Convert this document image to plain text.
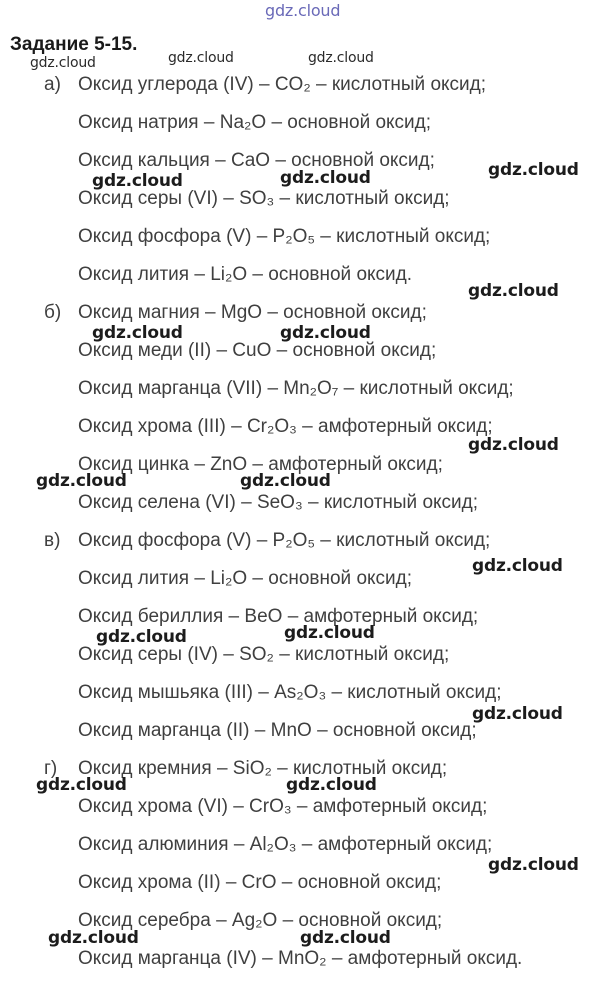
Задание 5-15.
а) Оксид углерода (IV) – CO₂ – кислотный оксид;
Оксид натрия – Na₂O – основной оксид;
Оксид кальция – CaO – основной оксид;
Оксид серы (VI) – SO₃ – кислотный оксид;
Оксид фосфора (V) – P₂O₅ – кислотный оксид;
Оксид лития – Li₂O – основной оксид.
б) Оксид магния – MgO – основной оксид;
Оксид меди (II) – CuO – основной оксид;
Оксид марганца (VII) – Mn₂O₇ – кислотный оксид;
Оксид хрома (III) – Cr₂O₃ – амфотерный оксид;
Оксид цинка – ZnO – амфотерный оксид;
Оксид селена (VI) – SeO₃ – кислотный оксид;
в) Оксид фосфора (V) – P₂O₅ – кислотный оксид;
Оксид лития – Li₂O – основной оксид;
Оксид бериллия – BeO – амфотерный оксид;
Оксид серы (IV) – SO₂ – кислотный оксид;
Оксид мышьяка (III) – As₂O₃ – кислотный оксид;
Оксид марганца (II) – MnO – основной оксид;
г) Оксид кремния – SiO₂ – кислотный оксид;
Оксид хрома (VI) – CrO₃ – амфотерный оксид;
Оксид алюминия – Al₂O₃ – амфотерный оксид;
Оксид хрома (II) – CrO – основной оксид;
Оксид серебра – Ag₂O – основной оксид;
Оксид марганца (IV) – MnO₂ – амфотерный оксид.
gdz.cloud
gdz.cloud	gdz.cloud	gdz.cloud
gdz.cloud	gdz.cloud	gdz.cloud
gdz.cloud
gdz.cloud	gdz.cloud
gdz.cloud
gdz.cloud	gdz.cloud
gdz.cloud
gdz.cloud	gdz.cloud
gdz.cloud
gdz.cloud	gdz.cloud
gdz.cloud
gdz.cloud	gdz.cloud
